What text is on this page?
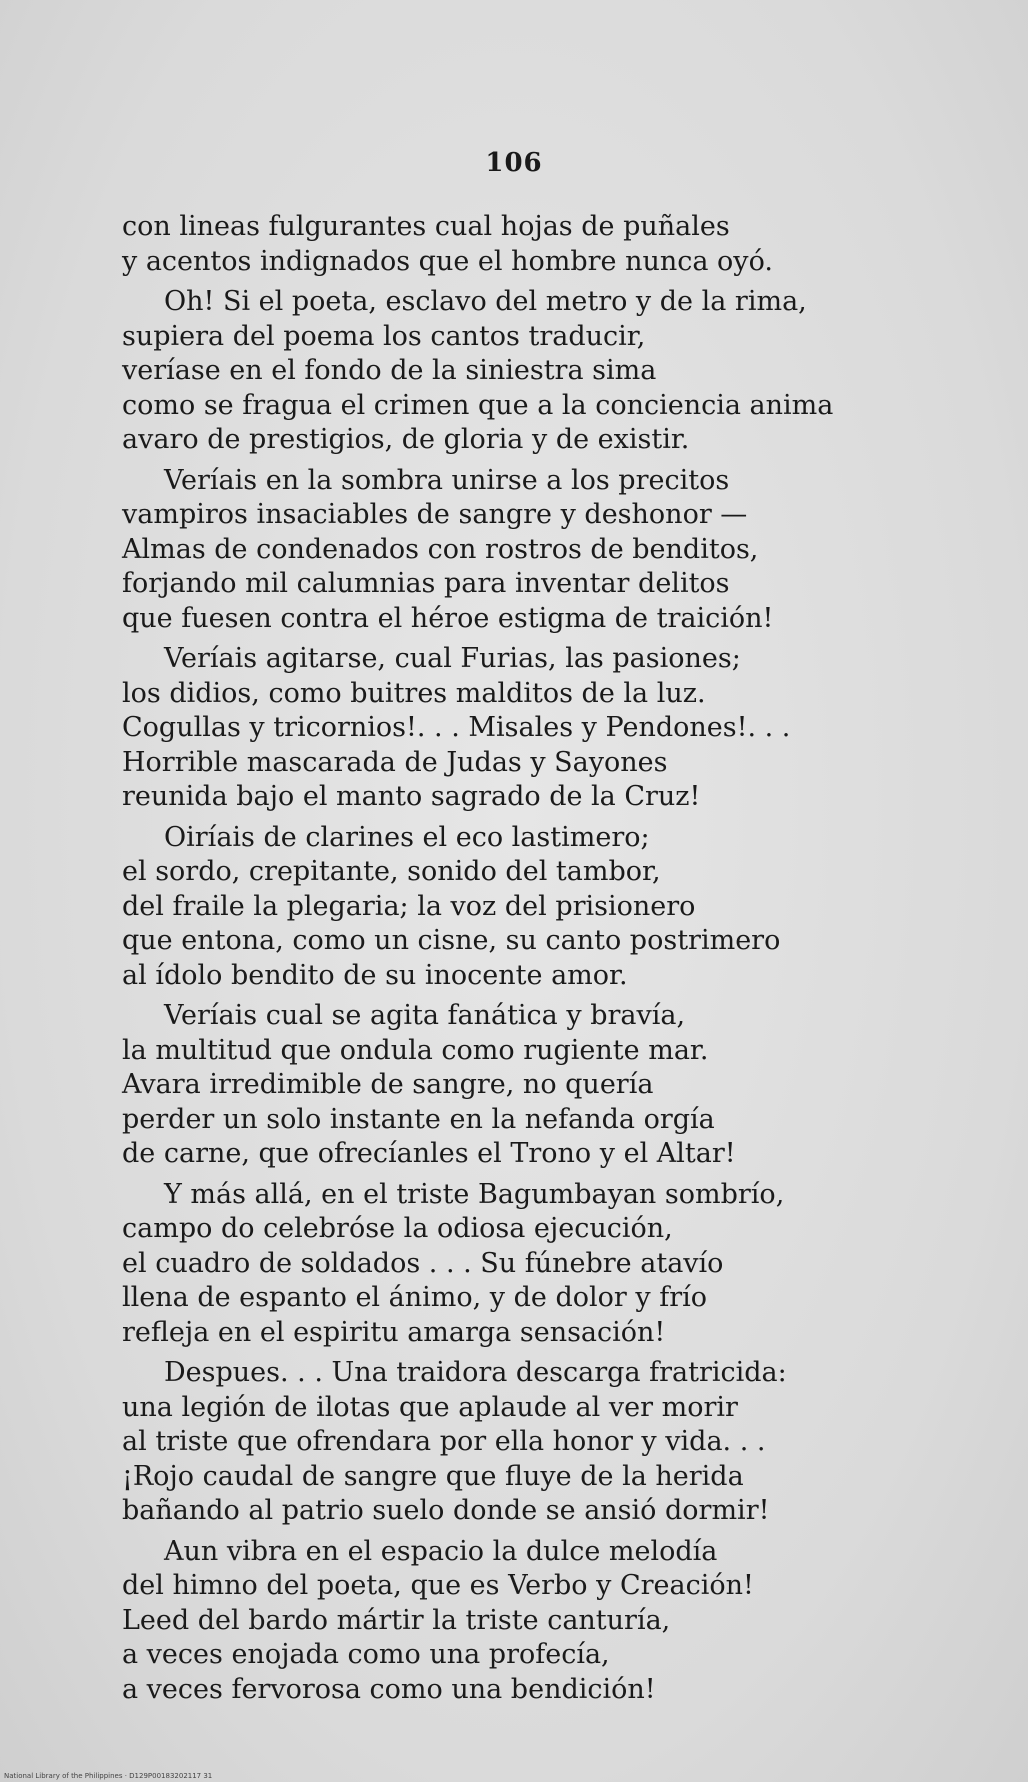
106
con lineas fulgurantes cual hojas de puñales
y acentos indignados que el hombre nunca oyó.
Oh! Si el poeta, esclavo del metro y de la rima,
supiera del poema los cantos traducir,
veríase en el fondo de la siniestra sima
como se fragua el crimen que a la conciencia anima
avaro de prestigios, de gloria y de existir.
Veríais en la sombra unirse a los precitos
vampiros insaciables de sangre y deshonor —
Almas de condenados con rostros de benditos,
forjando mil calumnias para inventar delitos
que fuesen contra el héroe estigma de traición!
Veríais agitarse, cual Furias, las pasiones;
los didios, como buitres malditos de la luz.
Cogullas y tricornios!. . . Misales y Pendones!. . .
Horrible mascarada de Judas y Sayones
reunida bajo el manto sagrado de la Cruz!
Oiríais de clarines el eco lastimero;
el sordo, crepitante, sonido del tambor,
del fraile la plegaria; la voz del prisionero
que entona, como un cisne, su canto postrimero
al ídolo bendito de su inocente amor.
Veríais cual se agita fanática y bravía,
la multitud que ondula como rugiente mar.
Avara irredimible de sangre, no quería
perder un solo instante en la nefanda orgía
de carne, que ofrecíanles el Trono y el Altar!
Y más allá, en el triste Bagumbayan sombrío,
campo do celebróse la odiosa ejecución,
el cuadro de soldados . . . Su fúnebre atavío
llena de espanto el ánimo, y de dolor y frío
refleja en el espiritu amarga sensación!
Despues. . . Una traidora descarga fratricida:
una legión de ilotas que aplaude al ver morir
al triste que ofrendara por ella honor y vida. . .
¡Rojo caudal de sangre que fluye de la herida
bañando al patrio suelo donde se ansió dormir!
Aun vibra en el espacio la dulce melodía
del himno del poeta, que es Verbo y Creación!
Leed del bardo mártir la triste canturía,
a veces enojada como una profecía,
a veces fervorosa como una bendición!
National Library of the Philippines · D129P00183202117 31
